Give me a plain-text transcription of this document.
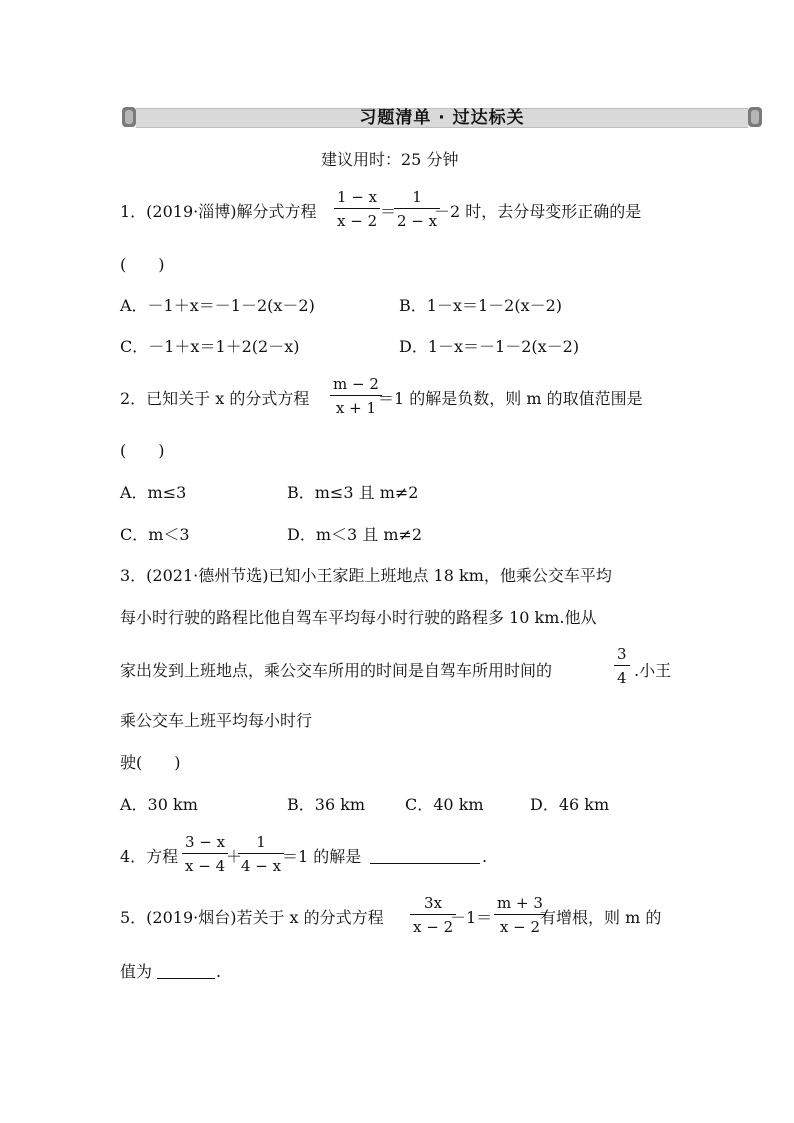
习题清单 · 过达标关
建议用时：25 分钟
1．(2019·淄博)解分式方程 $\frac{1 - x}{x - 2}$ ＝
$\frac{1}{2 - x}$
－2 时，去分母变形正确的是
(　　)
A．－1＋x＝－1－2(x－2)	B．1－x＝1－2(x－2)
C．－1＋x＝1＋2(2－x)	D．1－x＝－1－2(x－2)
2．已知关于 x 的分式方程 $\frac{m - 2}{x + 1}$
＝1 的解是负数，则 m 的取值范围是
(　　)
A．m≤3	B．m≤3 且 m≠2
C．m＜3	D．m＜3 且 m≠2
3．(2021·德州节选)已知小王家距上班地点 18 km，他乘公交车平均
每小时行驶的路程比他自驾车平均每小时行驶的路程多 10 km.他从
家出发到上班地点，乘公交车所用的时间是自驾车所用时间的	$\frac{3}{4}$ .小王
乘公交车上班平均每小时行
驶(　　)
A．30 km	B．36 km C．40 km	D．46 km
4．方程 $\frac{3 - x}{x - 4}$
＋
$\frac{1}{4 - x}$
＝1 的解是	.
5．(2019·烟台)若关于 x 的分式方程 $\frac{3x}{x - 2}$
$-1= \frac{m + 3}{x - 2}$
有增根，则 m 的
值为	.
